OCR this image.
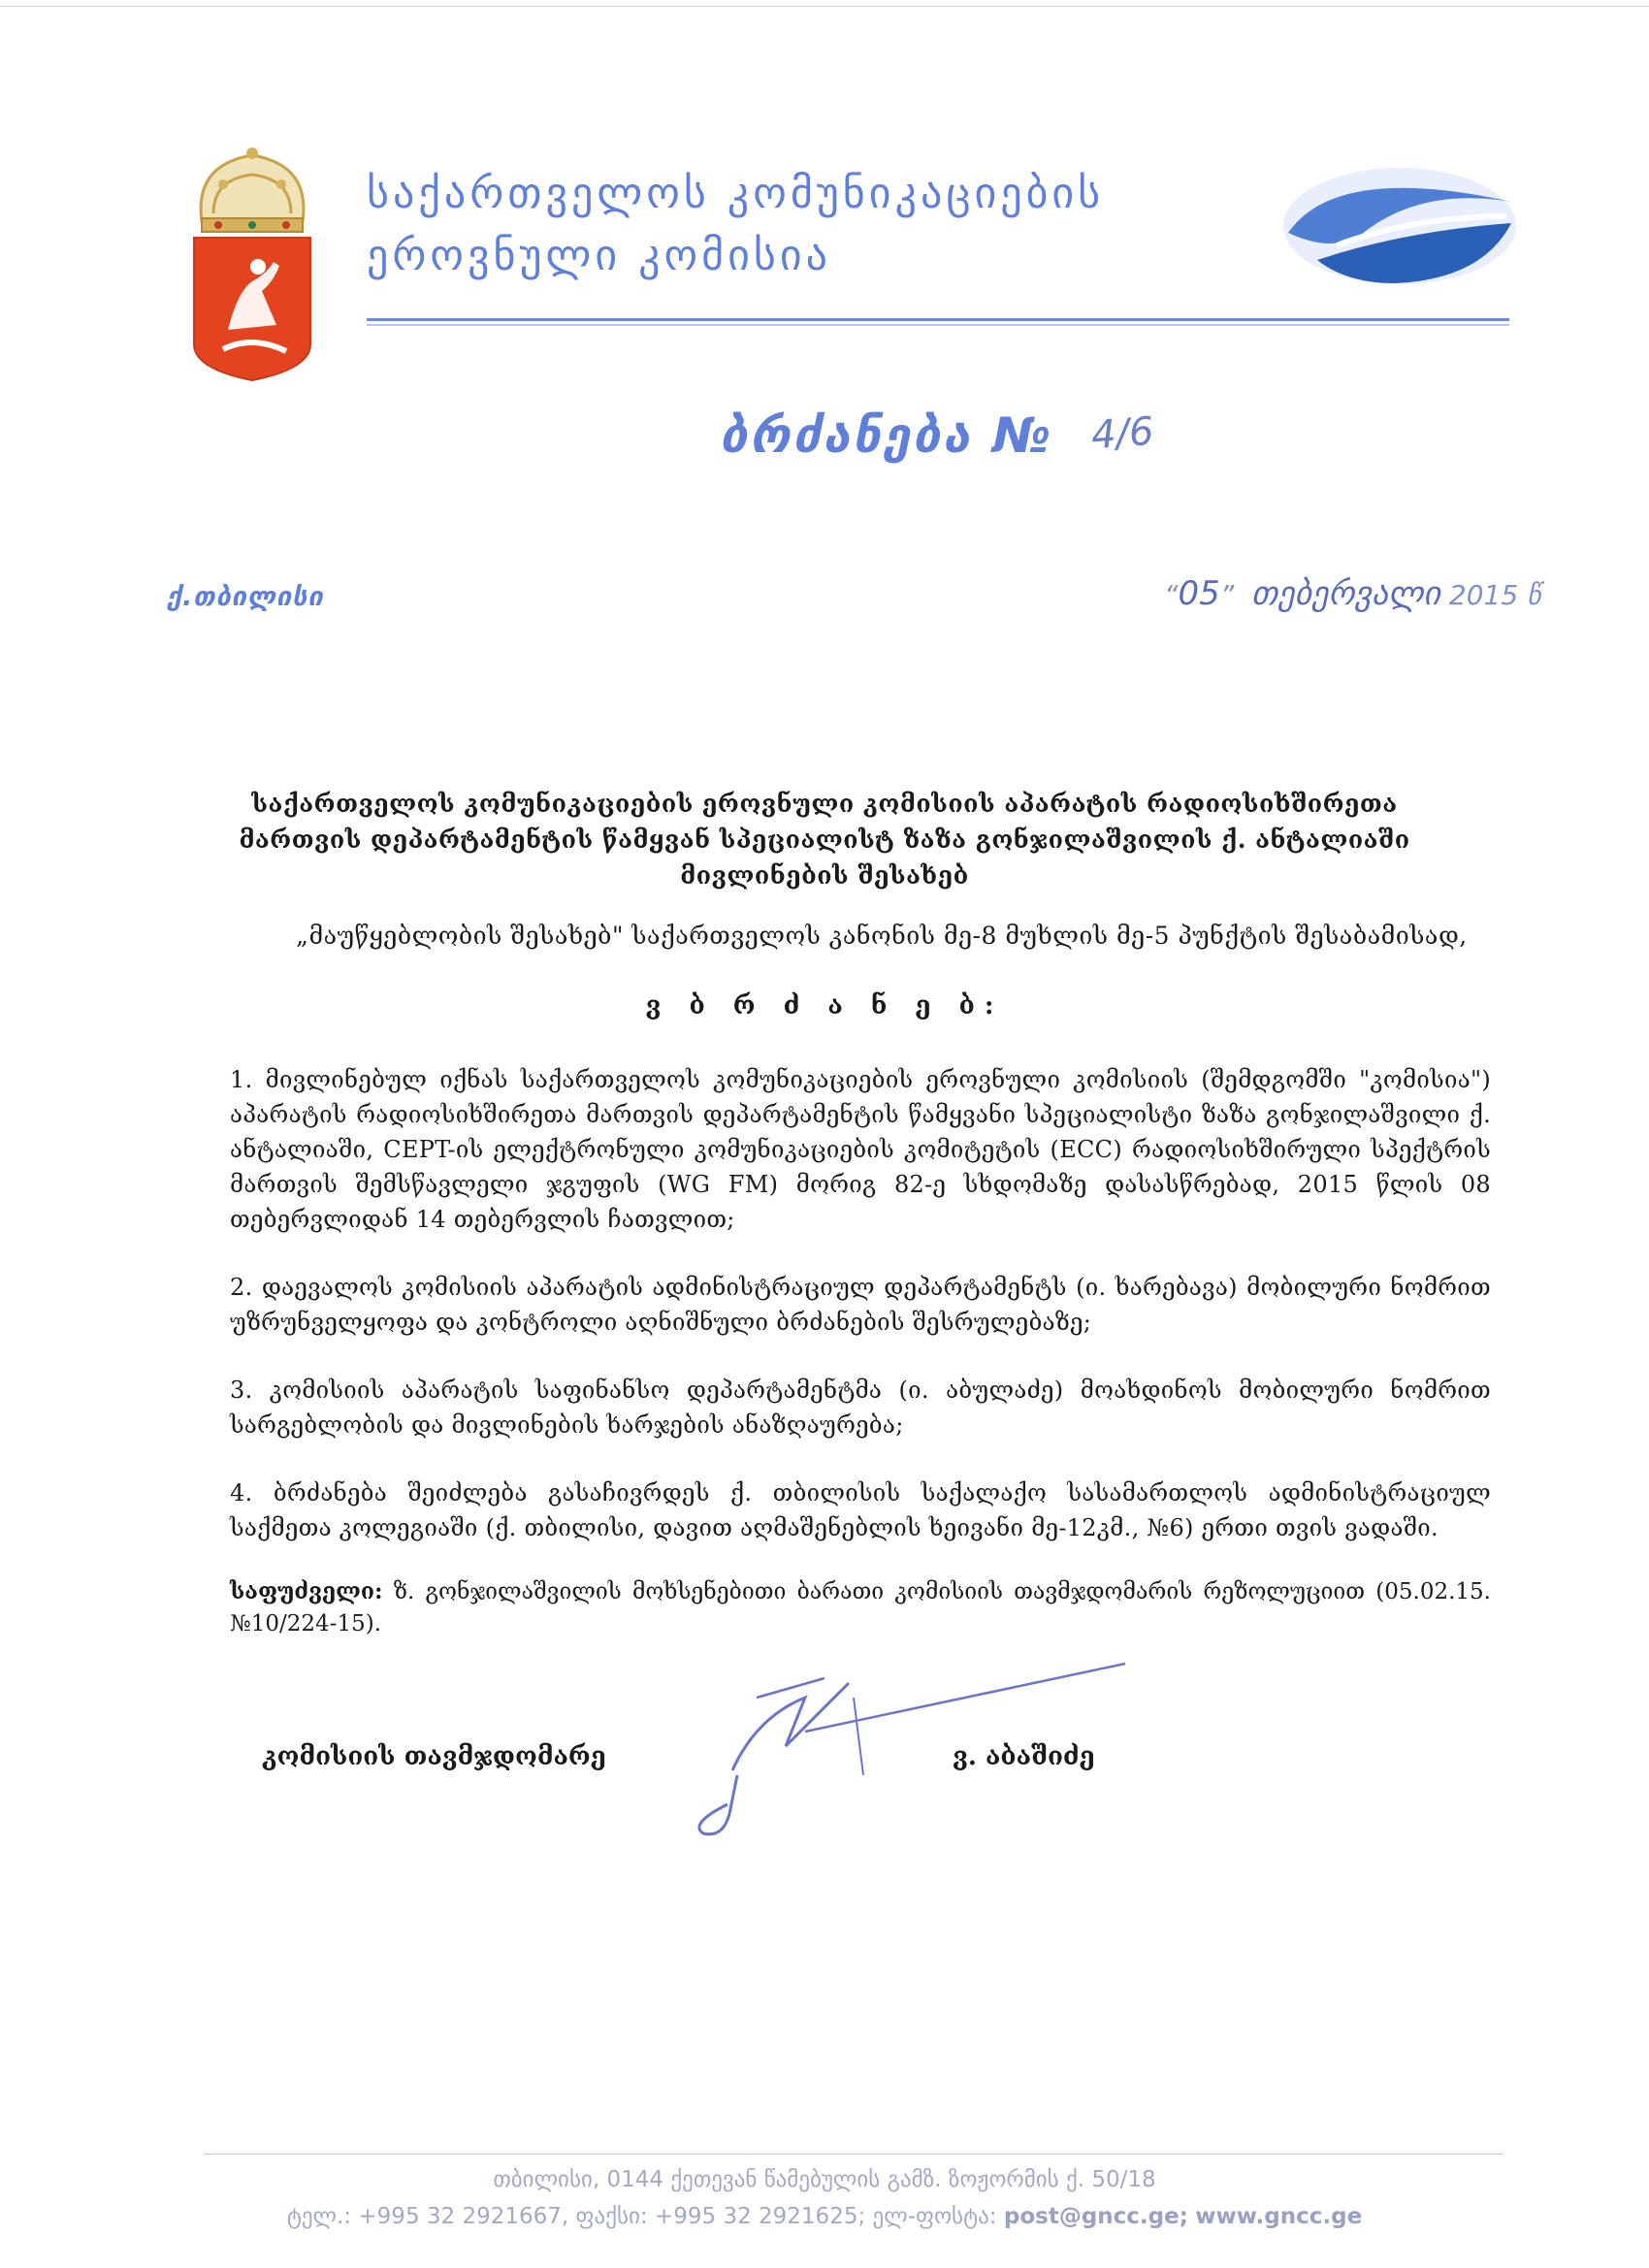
საქართველოს კომუნიკაციების
ეროვნული კომისია
ბრძანება № 4/6
ქ.თბილისი	“05”  თებერვალი 2015 წ
საქართველოს კომუნიკაციების ეროვნული კომისიის აპარატის რადიოსიხშირეთა
მართვის დეპარტამენტის წამყვან სპეციალისტ ზაზა გონჯილაშვილის ქ. ანტალიაში
მივლინების შესახებ
„მაუწყებლობის შესახებ" საქართველოს კანონის მე-8 მუხლის მე-5 პუნქტის შესაბამისად,
ვ ბ რ ძ ა ნ ე ბ:
1. მივლინებულ იქნას საქართველოს კომუნიკაციების ეროვნული კომისიის (შემდგომში "კომისია") აპარატის რადიოსიხშირეთა მართვის დეპარტამენტის წამყვანი სპეციალისტი ზაზა გონჯილაშვილი ქ. ანტალიაში, CEPT-ის ელექტრონული კომუნიკაციების კომიტეტის (ECC) რადიოსიხშირული სპექტრის მართვის შემსწავლელი ჯგუფის (WG FM) მორიგ 82-ე სხდომაზე დასასწრებად, 2015 წლის 08 თებერვლიდან 14 თებერვლის ჩათვლით;
2. დაევალოს კომისიის აპარატის ადმინისტრაციულ დეპარტამენტს (ი. ხარებავა) მობილური ნომრით უზრუნველყოფა და კონტროლი აღნიშნული ბრძანების შესრულებაზე;
3. კომისიის აპარატის საფინანსო დეპარტამენტმა (ი. აბულაძე) მოახდინოს მობილური ნომრით სარგებლობის და მივლინების ხარჯების ანაზღაურება;
4. ბრძანება შეიძლება გასაჩივრდეს ქ. თბილისის საქალაქო სასამართლოს ადმინისტრაციულ საქმეთა კოლეგიაში (ქ. თბილისი, დავით აღმაშენებლის ხეივანი მე-12კმ., №6) ერთი თვის ვადაში.
საფუძველი: ზ. გონჯილაშვილის მოხსენებითი ბარათი კომისიის თავმჯდომარის რეზოლუციით (05.02.15. №10/224-15).
კომისიის თავმჯდომარე	ვ. აბაშიძე
თბილისი, 0144 ქეთევან წამებულის გამზ. ზოჟორმის ქ. 50/18
ტელ.: +995 32 2921667, ფაქსი: +995 32 2921625; ელ-ფოსტა: post@gncc.ge; www.gncc.ge
